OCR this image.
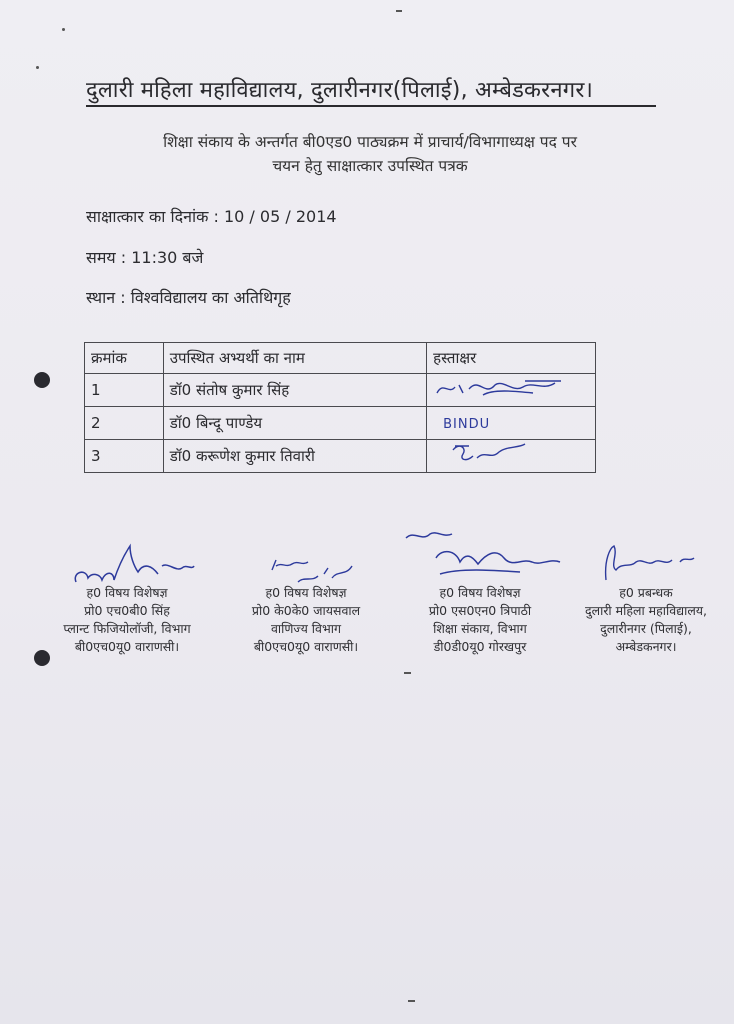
दुलारी महिला महाविद्यालय, दुलारीनगर(पिलाई), अम्बेडकरनगर।
शिक्षा संकाय के अन्तर्गत बी0एड0 पाठ्यक्रम में प्राचार्य/विभागाध्यक्ष पद पर
चयन हेतु साक्षात्कार उपस्थित पत्रक
साक्षात्कार का दिनांक : 10 / 05 / 2014
समय : 11:30 बजे
स्थान : विश्वविद्यालय का अतिथिगृह
क्रमांक	उपस्थित अभ्यर्थी का नाम	हस्ताक्षर
1	डॉ0 संतोष कुमार सिंह	
2	डॉ0 बिन्दू पाण्डेय	BINDU
3	डॉ0 करूणेश कुमार तिवारी	
ह0 विषय विशेषज्ञ
प्रो0 एच0बी0 सिंह
प्लान्ट फिजियोलॉजी, विभाग
बी0एच0यू0 वाराणसी।
ह0 विषय विशेषज्ञ
प्रो0 के0के0 जायसवाल
वाणिज्य विभाग
बी0एच0यू0 वाराणसी।
ह0 विषय विशेषज्ञ
प्रो0 एस0एन0 त्रिपाठी
शिक्षा संकाय, विभाग
डी0डी0यू0 गोरखपुर
ह0 प्रबन्धक
दुलारी महिला महाविद्यालय,
दुलारीनगर (पिलाई),
अम्बेडकनगर।
